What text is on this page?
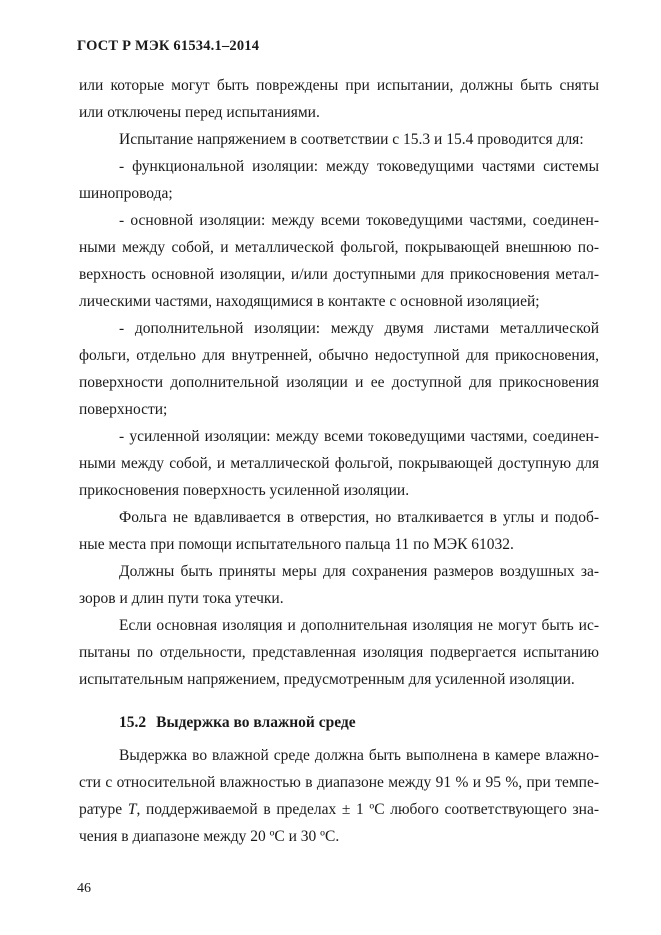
ГОСТ Р МЭК 61534.1–2014

или которые могут быть повреждены при испытании, должны быть сняты
или отключены перед испытаниями.

Испытание напряжением в соответствии с 15.3 и 15.4 проводится для:

- функциональной изоляции: между токоведущими частями системы
шинопровода;

- основной изоляции: между всеми токоведущими частями, соединен-
ными между собой, и металлической фольгой, покрывающей внешнюю по-
верхность основной изоляции, и/или доступными для прикосновения метал-
лическими частями, находящимися в контакте с основной изоляцией;

- дополнительной изоляции: между двумя листами металлической
фольги, отдельно для внутренней, обычно недоступной для прикосновения,
поверхности дополнительной изоляции и ее доступной для прикосновения
поверхности;

- усиленной изоляции: между всеми токоведущими частями, соединен-
ными между собой, и металлической фольгой, покрывающей доступную для
прикосновения поверхность усиленной изоляции.

Фольга не вдавливается в отверстия, но вталкивается в углы и подоб-
ные места при помощи испытательного пальца 11 по МЭК 61032.

Должны быть приняты меры для сохранения размеров воздушных за-
зоров и длин пути тока утечки.

Если основная изоляция и дополнительная изоляция не могут быть ис-
пытаны по отдельности, представленная изоляция подвергается испытанию
испытательным напряжением, предусмотренным для усиленной изоляции.

15.2 Выдержка во влажной среде
Выдержка во влажной среде должна быть выполнена в камере влажно-
сти с относительной влажностью в диапазоне между 91 % и 95 %, при темпе-
ратуре T, поддерживаемой в пределах ± 1 ºС любого соответствующего зна-
чения в диапазоне между 20 ºС и 30 ºС.
46
